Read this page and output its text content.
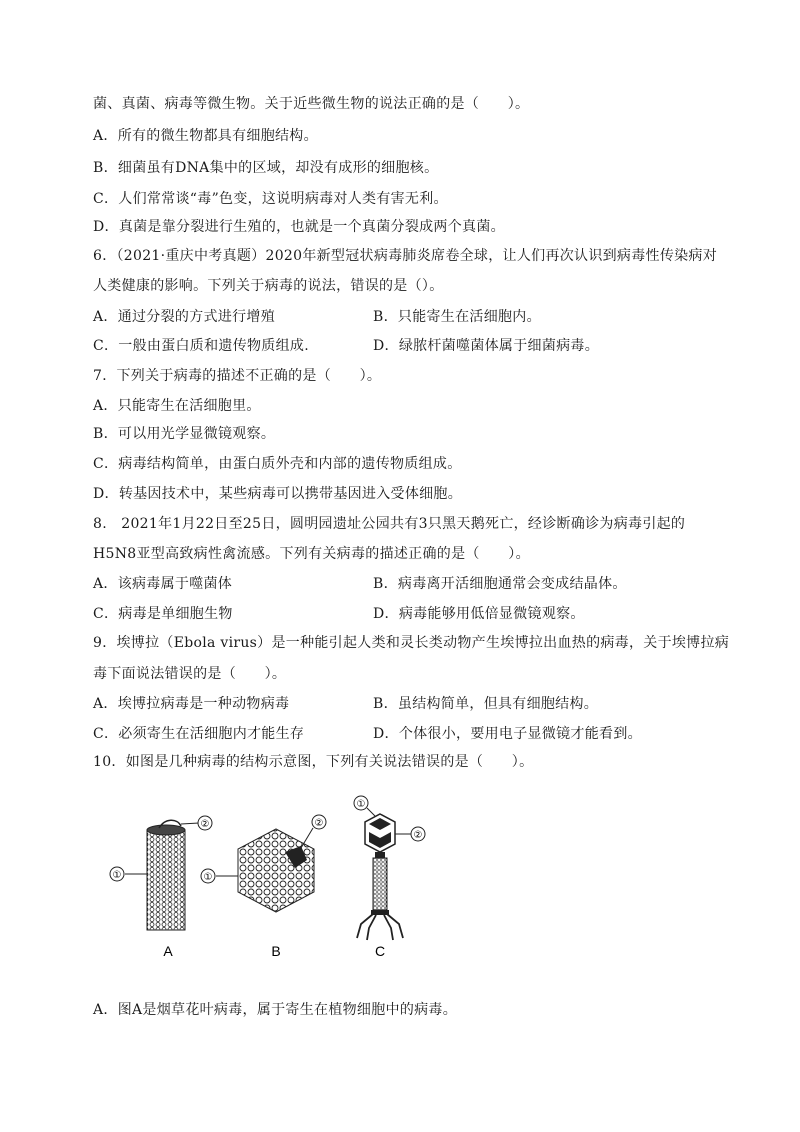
菌、真菌、病毒等微生物。关于近些微生物的说法正确的是（　　）。
A．所有的微生物都具有细胞结构。
B．细菌虽有DNA集中的区域，却没有成形的细胞核。
C．人们常常谈“毒”色变，这说明病毒对人类有害无利。
D．真菌是靠分裂进行生殖的，也就是一个真菌分裂成两个真菌。
6．（2021·重庆中考真题）2020年新型冠状病毒肺炎席卷全球，让人们再次认识到病毒性传染病对
人类健康的影响。下列关于病毒的说法，错误的是（）。
A．通过分裂的方式进行增殖	B．只能寄生在活细胞内。
C．一般由蛋白质和遗传物质组成.	D．绿脓杆菌噬菌体属于细菌病毒。
7．下列关于病毒的描述不正确的是（　　）。
A．只能寄生在活细胞里。
B．可以用光学显微镜观察。
C．病毒结构简单，由蛋白质外壳和内部的遗传物质组成。
D．转基因技术中，某些病毒可以携带基因进入受体细胞。
8.　2021年1月22日至25日，圆明园遗址公园共有3只黑天鹅死亡，经诊断确诊为病毒引起的
H5N8亚型高致病性禽流感。下列有关病毒的描述正确的是（　　）。
A．该病毒属于噬菌体	B．病毒离开活细胞通常会变成结晶体。
C．病毒是单细胞生物	D．病毒能够用低倍显微镜观察。
9．埃博拉（Ebola virus）是一种能引起人类和灵长类动物产生埃博拉出血热的病毒，关于埃博拉病
毒下面说法错误的是（　　）。
A．埃博拉病毒是一种动物病毒	B．虽结构简单，但具有细胞结构。
C．必须寄生在活细胞内才能生存	D．个体很小，要用电子显微镜才能看到。
10．如图是几种病毒的结构示意图，下列有关说法错误的是（　　）。
②
①
②
①
①
②
A	B	C
A．图A是烟草花叶病毒，属于寄生在植物细胞中的病毒。
